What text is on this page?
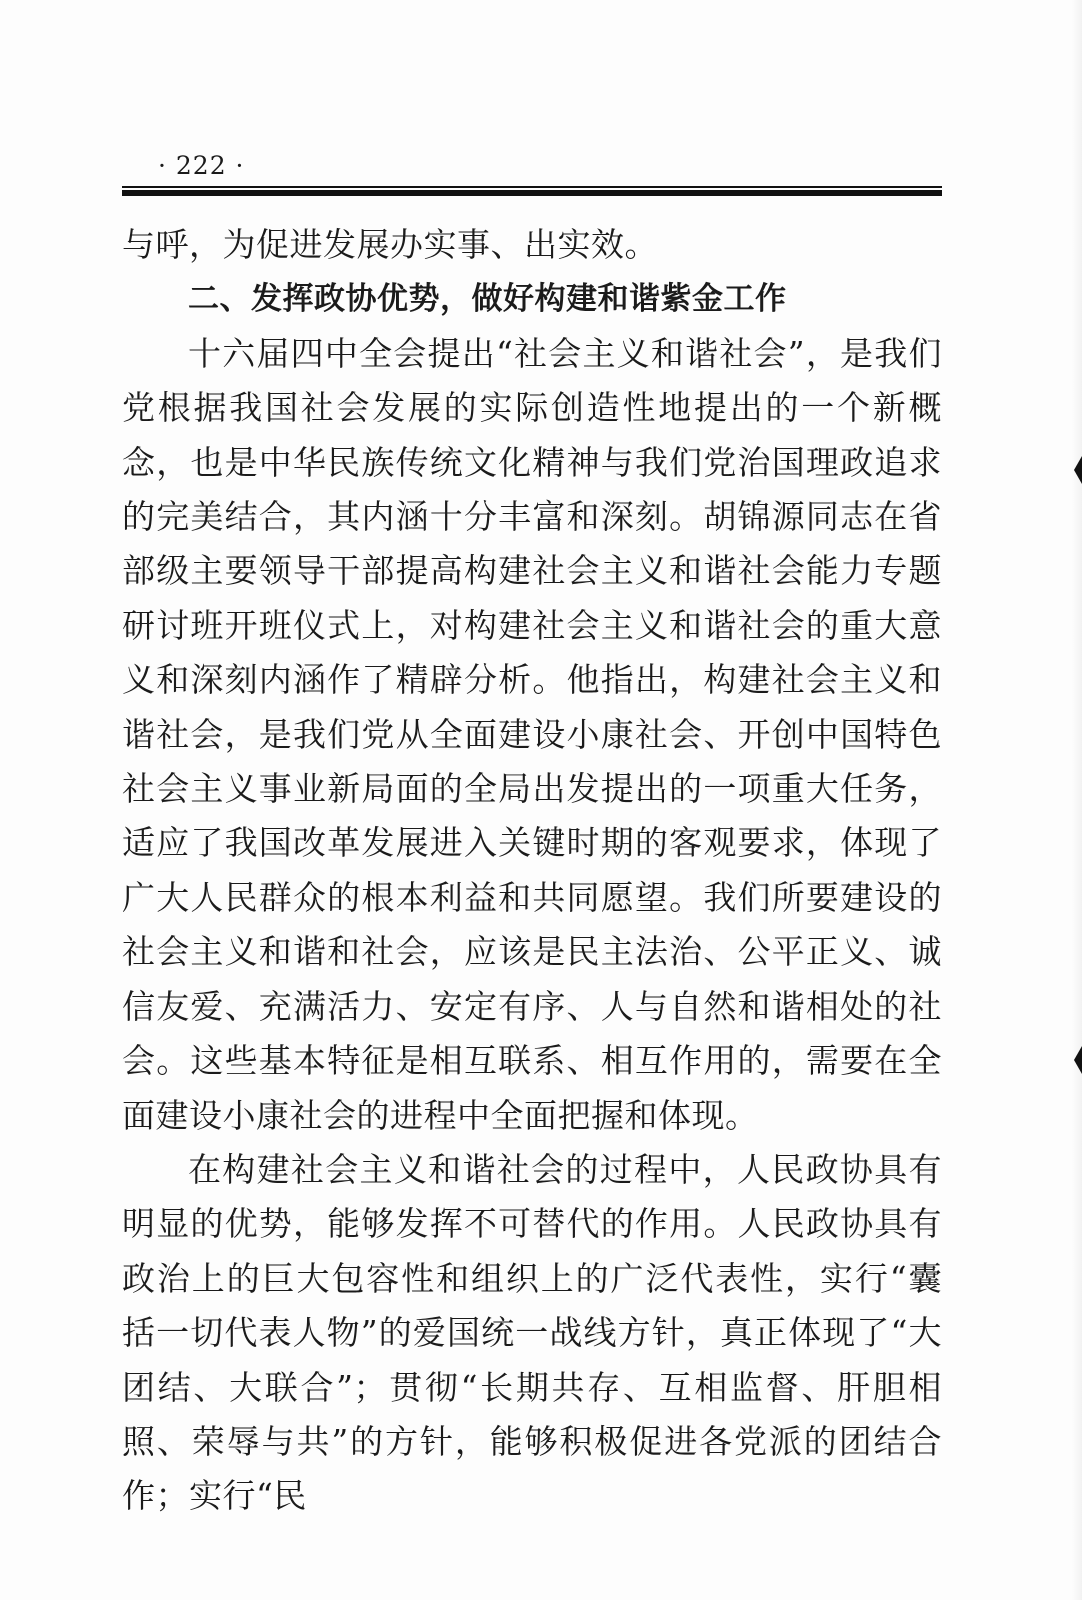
· 222 ·

与呼，为促进发展办实事、出实效。

二、发挥政协优势，做好构建和谐紫金工作

十六届四中全会提出“社会主义和谐社会”，是我们党根据我国社会发展的实际创造性地提出的一个新概念，也是中华民族传统文化精神与我们党治国理政追求的完美结合，其内涵十分丰富和深刻。胡锦源同志在省部级主要领导干部提高构建社会主义和谐社会能力专题研讨班开班仪式上，对构建社会主义和谐社会的重大意义和深刻内涵作了精辟分析。他指出，构建社会主义和谐社会，是我们党从全面建设小康社会、开创中国特色社会主义事业新局面的全局出发提出的一项重大任务，适应了我国改革发展进入关键时期的客观要求，体现了广大人民群众的根本利益和共同愿望。我们所要建设的社会主义和谐和社会，应该是民主法治、公平正义、诚信友爱、充满活力、安定有序、人与自然和谐相处的社会。这些基本特征是相互联系、相互作用的，需要在全面建设小康社会的进程中全面把握和体现。

在构建社会主义和谐社会的过程中，人民政协具有明显的优势，能够发挥不可替代的作用。人民政协具有政治上的巨大包容性和组织上的广泛代表性，实行“囊括一切代表人物”的爱国统一战线方针，真正体现了“大团结、大联合”；贯彻“长期共存、互相监督、肝胆相照、荣辱与共”的方针，能够积极促进各党派的团结合作；实行“民
